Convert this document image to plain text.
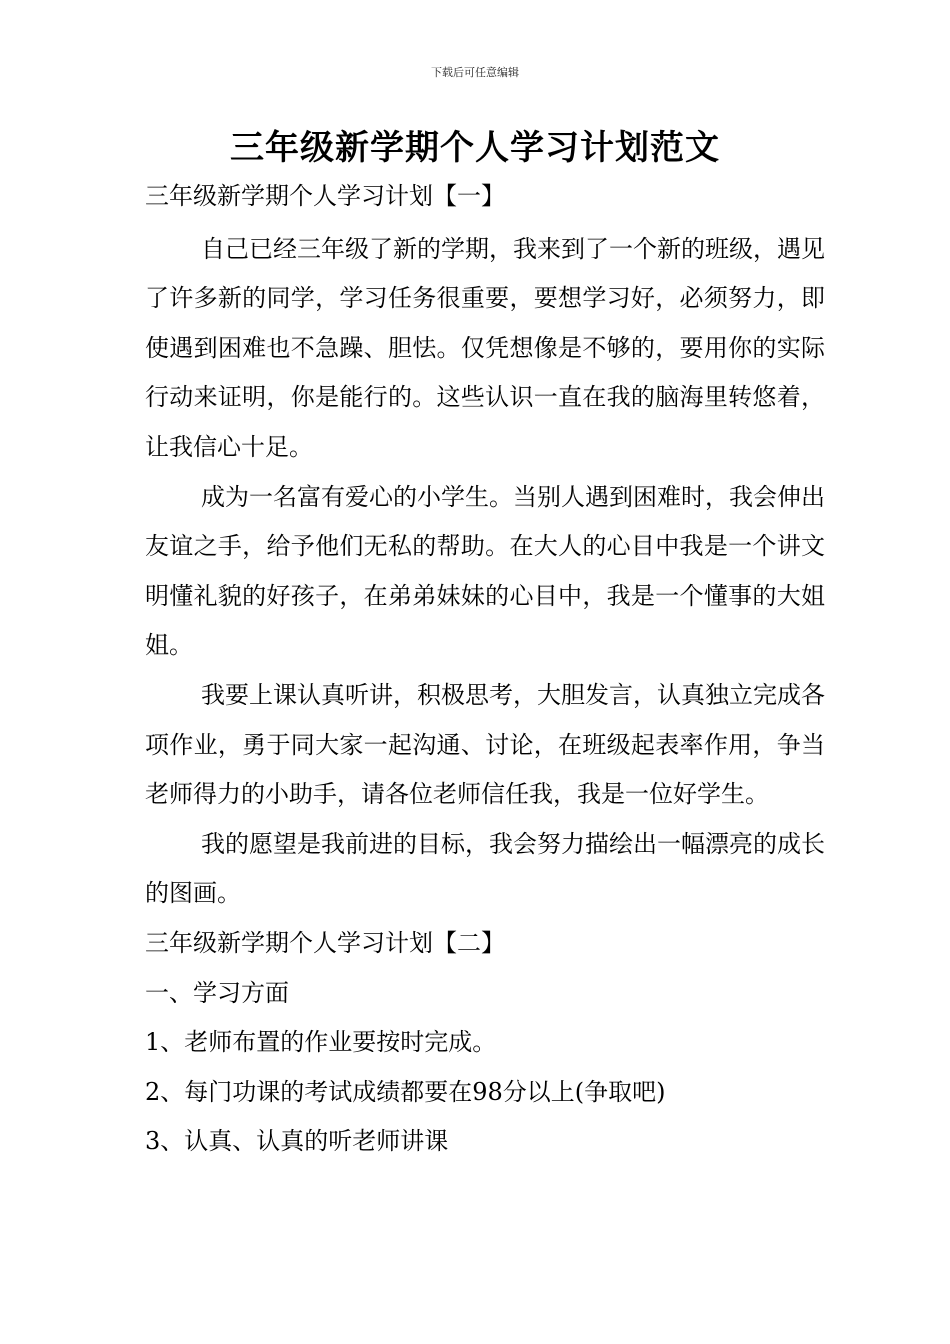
下载后可任意编辑
三年级新学期个人学习计划范文

三年级新学期个人学习计划【一】

自己已经三年级了新的学期，我来到了一个新的班级，遇见了许多新的同学，学习任务很重要，要想学习好，必须努力，即使遇到困难也不急躁、胆怯。仅凭想像是不够的，要用你的实际行动来证明，你是能行的。这些认识一直在我的脑海里转悠着，让我信心十足。

成为一名富有爱心的小学生。当别人遇到困难时，我会伸出友谊之手，给予他们无私的帮助。在大人的心目中我是一个讲文明懂礼貌的好孩子，在弟弟妹妹的心目中，我是一个懂事的大姐姐。

我要上课认真听讲，积极思考，大胆发言，认真独立完成各项作业，勇于同大家一起沟通、讨论，在班级起表率作用，争当老师得力的小助手，请各位老师信任我，我是一位好学生。

我的愿望是我前进的目标，我会努力描绘出一幅漂亮的成长的图画。

三年级新学期个人学习计划【二】

一、学习方面

1、老师布置的作业要按时完成。

2、每门功课的考试成绩都要在98分以上(争取吧)

3、认真、认真的听老师讲课
